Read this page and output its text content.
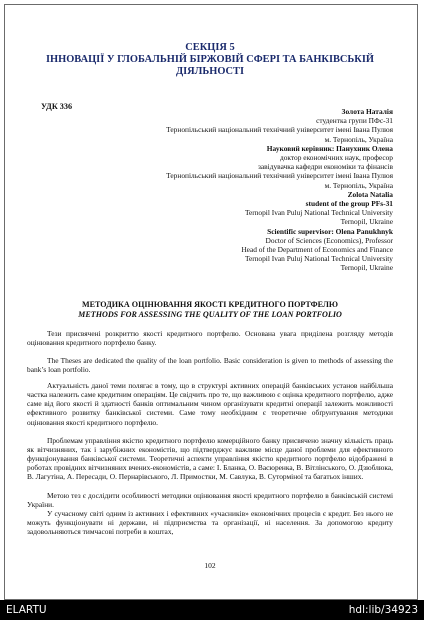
СЕКЦІЯ 5
ІННОВАЦІЇ У ГЛОБАЛЬНІЙ БІРЖОВІЙ СФЕРІ ТА БАНКІВСЬКІЙ
ДІЯЛЬНОСТІ
УДК 336
Золота Наталія
студентка групи ПФс-31
Тернопільський національний технічний університет імені Івана Пулюя
м. Тернопіль, Україна
Науковий керівник: Панухник Олена
доктор економічних наук, професор
завідувачка кафедри економіки та фінансів
Тернопільський національний технічний університет імені Івана Пулюя
м. Тернопіль, Україна
Zolota Natalia
student of the group PFs-31
Ternopil Ivan Puluj National Technical University
Ternopil, Ukraine
Scientific supervisor: Olena Panukhnyk
Doctor of Sciences (Economics), Professor
Head of the Department of Economics and Finance
Ternopil Ivan Puluj National Technical University
Ternopil, Ukraine
МЕТОДИКА ОЦІНЮВАННЯ ЯКОСТІ КРЕДИТНОГО ПОРТФЕЛЮ
METHODS FOR ASSESSING THE QUALITY OF THE LOAN PORTFOLIO

Тези присвячені розкриттю якості кредитного портфелю. Основана увага приділена розгляду методів оцінювання кредитного портфелю банку.

The Theses are dedicated the quality of the loan portfolio. Basic consideration is given to methods of assessing the bank’s loan portfolio.

Актуальність даної теми полягає в тому, що в структурі активних операцій банківських установ найбільша частка належить саме кредитним операціям. Це свідчить про те, що важливою є оцінка кредитного портфелю, адже саме від його якості й здатності банків оптимальним чином організувати кредитні операції залежить можливості ефективного розвитку банківської системи. Саме тому необхідним є теоретичне обґрунтування методики оцінювання якості кредитного портфелю.

Проблемам управління якістю кредитного портфелю комерційного банку присвячено значну кількість праць як вітчизняних, так і зарубіжних економістів, що підтверджує важливе місце даної проблеми для ефективного функціонування банківської системи. Теоретичні аспекти управління якістю кредитного портфелю відображені в роботах провідних вітчизняних вчених-економістів, а саме: І. Бланка, О. Васюренка, В. Вітлінського, О. Дзюблюка, В. Лагутіна, А. Пересади, О. Пернарівського, Л. Примостки, М. Савлука, В. Суторміної та багатьох інших.

Метою тез є дослідити особливості методики оцінювання якості кредитного портфелю в банківській системі України.

У сучасному світі одним із активних і ефективних «учасників» економічних процесів є кредит. Без нього не можуть функціонувати ні держави, ні підприємства та організації, ні населення. За допомогою кредиту задовольняються тимчасові потреби в коштах,

102
ELARTU	hdl:lib/34923
